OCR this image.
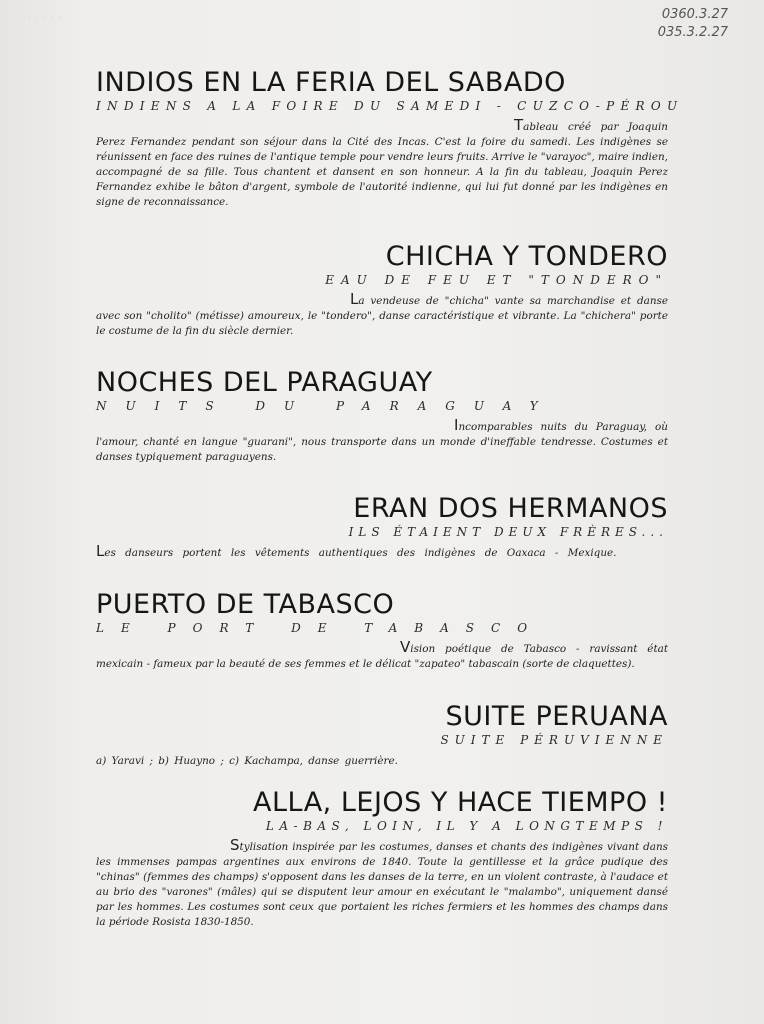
· · · · ·	0360.3.27
035.3.2.27
INDIOS EN LA FERIA DEL SABADO
INDIENS A LA FOIRE DU SAMEDI - CUZCO-PÉROU
Tableau créé par Joaquin Perez Fernandez pendant son séjour dans la Cité des Incas. C'est la foire du samedi. Les indigènes se réunissent en face des ruines de l'antique temple pour vendre leurs fruits. Arrive le "varayoc", maire indien, accompagné de sa fille. Tous chantent et dansent en son honneur. A la fin du tableau, Joaquin Perez Fernandez exhibe le bâton d'argent, symbole de l'autorité indienne, qui lui fut donné par les indigènes en signe de reconnaissance.
CHICHA Y TONDERO
EAU DE FEU ET "TONDERO"
La vendeuse de "chicha" vante sa marchandise et danse avec son "cholito" (métisse) amoureux, le "tondero", danse caractéristique et vibrante. La "chichera" porte le costume de la fin du siècle dernier.
NOCHES DEL PARAGUAY
NUITS DU PARAGUAY
Incomparables nuits du Paraguay, où l'amour, chanté en langue "guarani", nous transporte dans un monde d'ineffable tendresse. Costumes et danses typiquement paraguayens.
ERAN DOS HERMANOS
ILS ÉTAIENT DEUX FRÈRES...
Les danseurs portent les vêtements authentiques des indigènes de Oaxaca - Mexique.
PUERTO DE TABASCO
LE PORT DE TABASCO
Vision poétique de Tabasco - ravissant état mexicain - fameux par la beauté de ses femmes et le délicat "zapateo" tabascain (sorte de claquettes).
SUITE PERUANA
SUITE PÉRUVIENNE
a) Yaravi ; b) Huayno ; c) Kachampa, danse guerrière.
ALLA, LEJOS Y HACE TIEMPO !
LA-BAS, LOIN, IL Y A LONGTEMPS !
Stylisation inspirée par les costumes, danses et chants des indigènes vivant dans les immenses pampas argentines aux environs de 1840. Toute la gentillesse et la grâce pudique des "chinas" (femmes des champs) s'opposent dans les danses de la terre, en un violent contraste, à l'audace et au brio des "varones" (mâles) qui se disputent leur amour en exécutant le "malambo", uniquement dansé par les hommes. Les costumes sont ceux que portaient les riches fermiers et les hommes des champs dans la période Rosista 1830-1850.
